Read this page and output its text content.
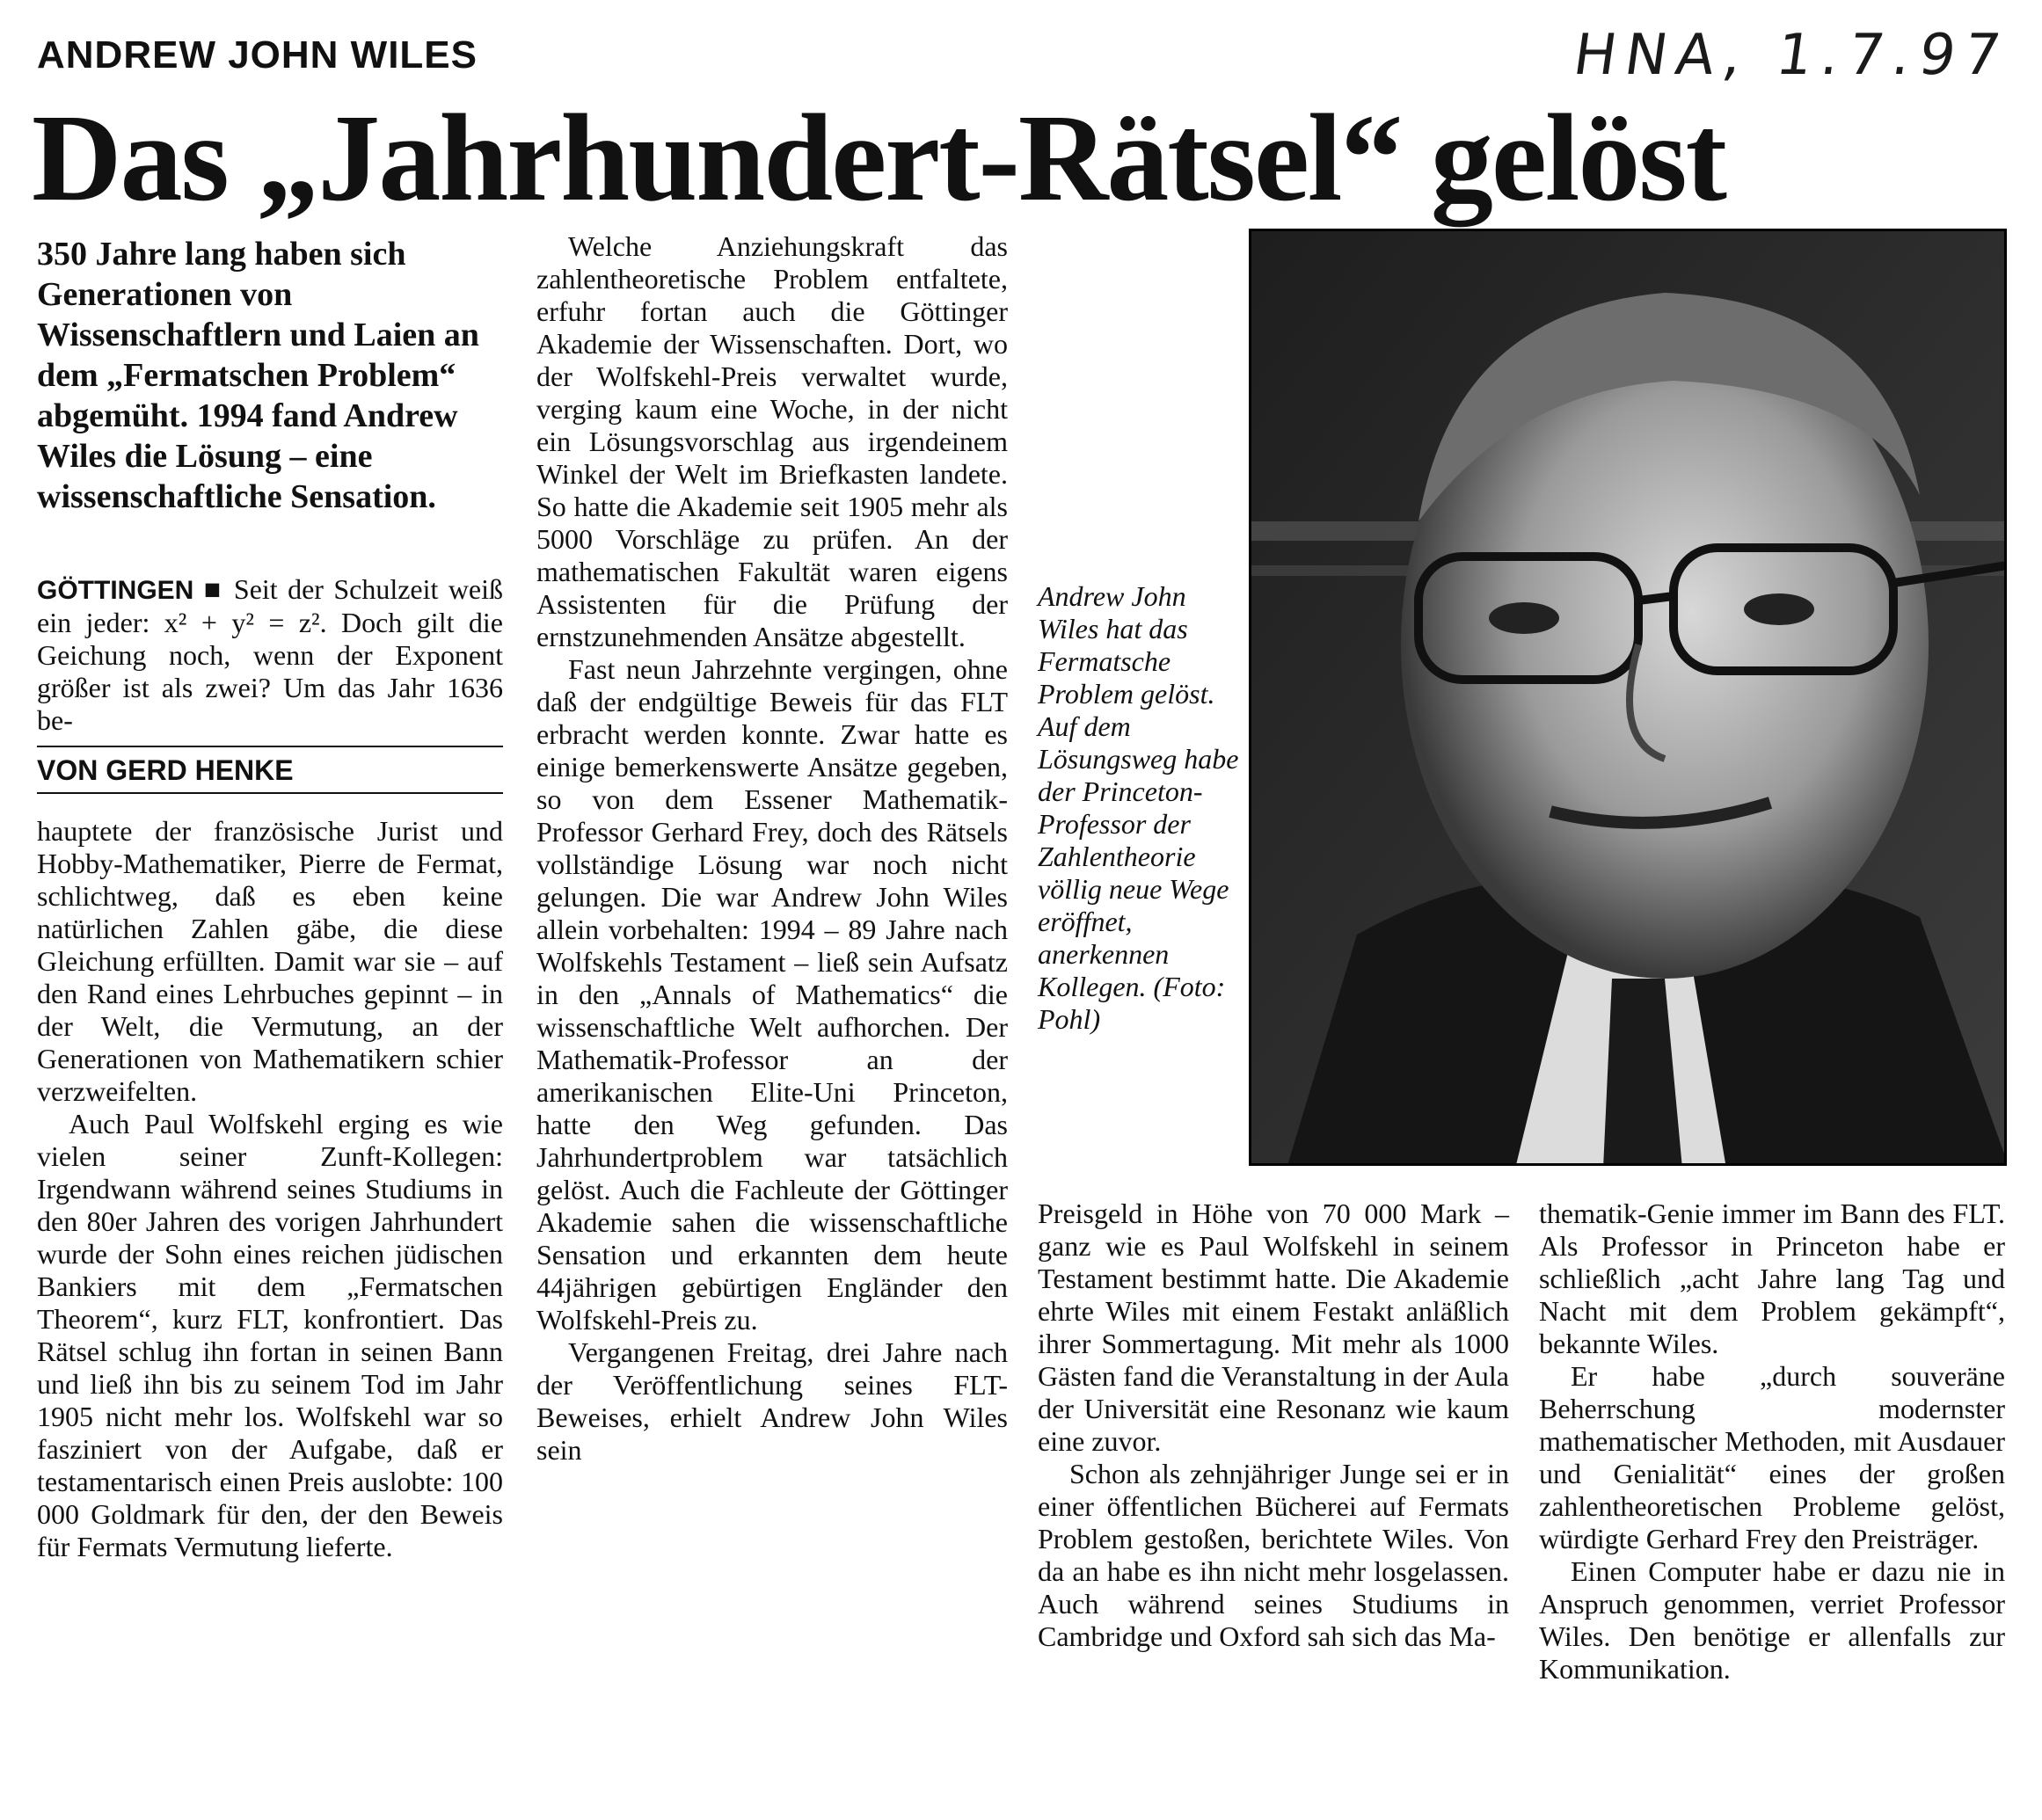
ANDREW JOHN WILES	HNA, 1.7.97
Das „Jahrhundert-Rätsel“ gelöst

350 Jahre lang haben sich Generationen von Wissenschaftlern und Laien an dem „Fermatschen Problem“ abgemüht. 1994 fand Andrew Wiles die Lösung – eine wissenschaftliche Sensation.

GÖTTINGEN ■ Seit der Schulzeit weiß ein jeder: x² + y² = z². Doch gilt die Geichung noch, wenn der Exponent größer ist als zwei? Um das Jahr 1636 be-

VON GERD HENKE

hauptete der französische Jurist und Hobby-Mathematiker, Pierre de Fermat, schlichtweg, daß es eben keine natürlichen Zahlen gäbe, die diese Gleichung erfüllten. Damit war sie – auf den Rand eines Lehrbuches gepinnt – in der Welt, die Vermutung, an der Generationen von Mathematikern schier verzweifelten.

Auch Paul Wolfskehl erging es wie vielen seiner Zunft-Kollegen: Irgendwann während seines Studiums in den 80er Jahren des vorigen Jahrhundert wurde der Sohn eines reichen jüdischen Bankiers mit dem „Fermatschen Theorem“, kurz FLT, konfrontiert. Das Rätsel schlug ihn fortan in seinen Bann und ließ ihn bis zu seinem Tod im Jahr 1905 nicht mehr los. Wolfskehl war so fasziniert von der Aufgabe, daß er testamentarisch einen Preis auslobte: 100 000 Goldmark für den, der den Beweis für Fermats Vermutung lieferte.

Welche Anziehungskraft das zahlentheoretische Problem entfaltete, erfuhr fortan auch die Göttinger Akademie der Wissenschaften. Dort, wo der Wolfskehl-Preis verwaltet wurde, verging kaum eine Woche, in der nicht ein Lösungsvorschlag aus irgendeinem Winkel der Welt im Briefkasten landete. So hatte die Akademie seit 1905 mehr als 5000 Vorschläge zu prüfen. An der mathematischen Fakultät waren eigens Assistenten für die Prüfung der ernstzunehmenden Ansätze abgestellt.

Fast neun Jahrzehnte vergingen, ohne daß der endgültige Beweis für das FLT erbracht werden konnte. Zwar hatte es einige bemerkenswerte Ansätze gegeben, so von dem Essener Mathematik-Professor Gerhard Frey, doch des Rätsels vollständige Lösung war noch nicht gelungen. Die war Andrew John Wiles allein vorbehalten: 1994 – 89 Jahre nach Wolfskehls Testament – ließ sein Aufsatz in den „Annals of Mathematics“ die wissenschaftliche Welt aufhorchen. Der Mathematik-Professor an der amerikanischen Elite-Uni Princeton, hatte den Weg gefunden. Das Jahrhundertproblem war tatsächlich gelöst. Auch die Fachleute der Göttinger Akademie sahen die wissenschaftliche Sensation und erkannten dem heute 44jährigen gebürtigen Engländer den Wolfskehl-Preis zu.

Vergangenen Freitag, drei Jahre nach der Veröffentlichung seines FLT-Beweises, erhielt Andrew John Wiles sein

Andrew John Wiles hat das Fermatsche Problem gelöst. Auf dem Lösungsweg habe der Princeton-Professor der Zahlentheorie völlig neue Wege eröffnet, anerkennen Kollegen. (Foto: Pohl)

Preisgeld in Höhe von 70 000 Mark – ganz wie es Paul Wolfskehl in seinem Testament bestimmt hatte. Die Akademie ehrte Wiles mit einem Festakt anläßlich ihrer Sommertagung. Mit mehr als 1000 Gästen fand die Veranstaltung in der Aula der Universität eine Resonanz wie kaum eine zuvor.

Schon als zehnjähriger Junge sei er in einer öffentlichen Bücherei auf Fermats Problem gestoßen, berichtete Wiles. Von da an habe es ihn nicht mehr losgelassen. Auch während seines Studiums in Cambridge und Oxford sah sich das Ma-

thematik-Genie immer im Bann des FLT. Als Professor in Princeton habe er schließlich „acht Jahre lang Tag und Nacht mit dem Problem gekämpft“, bekannte Wiles.

Er habe „durch souveräne Beherrschung modernster mathematischer Methoden, mit Ausdauer und Genialität“ eines der großen zahlentheoretischen Probleme gelöst, würdigte Gerhard Frey den Preisträger.

Einen Computer habe er dazu nie in Anspruch genommen, verriet Professor Wiles. Den benötige er allenfalls zur Kommunikation.
